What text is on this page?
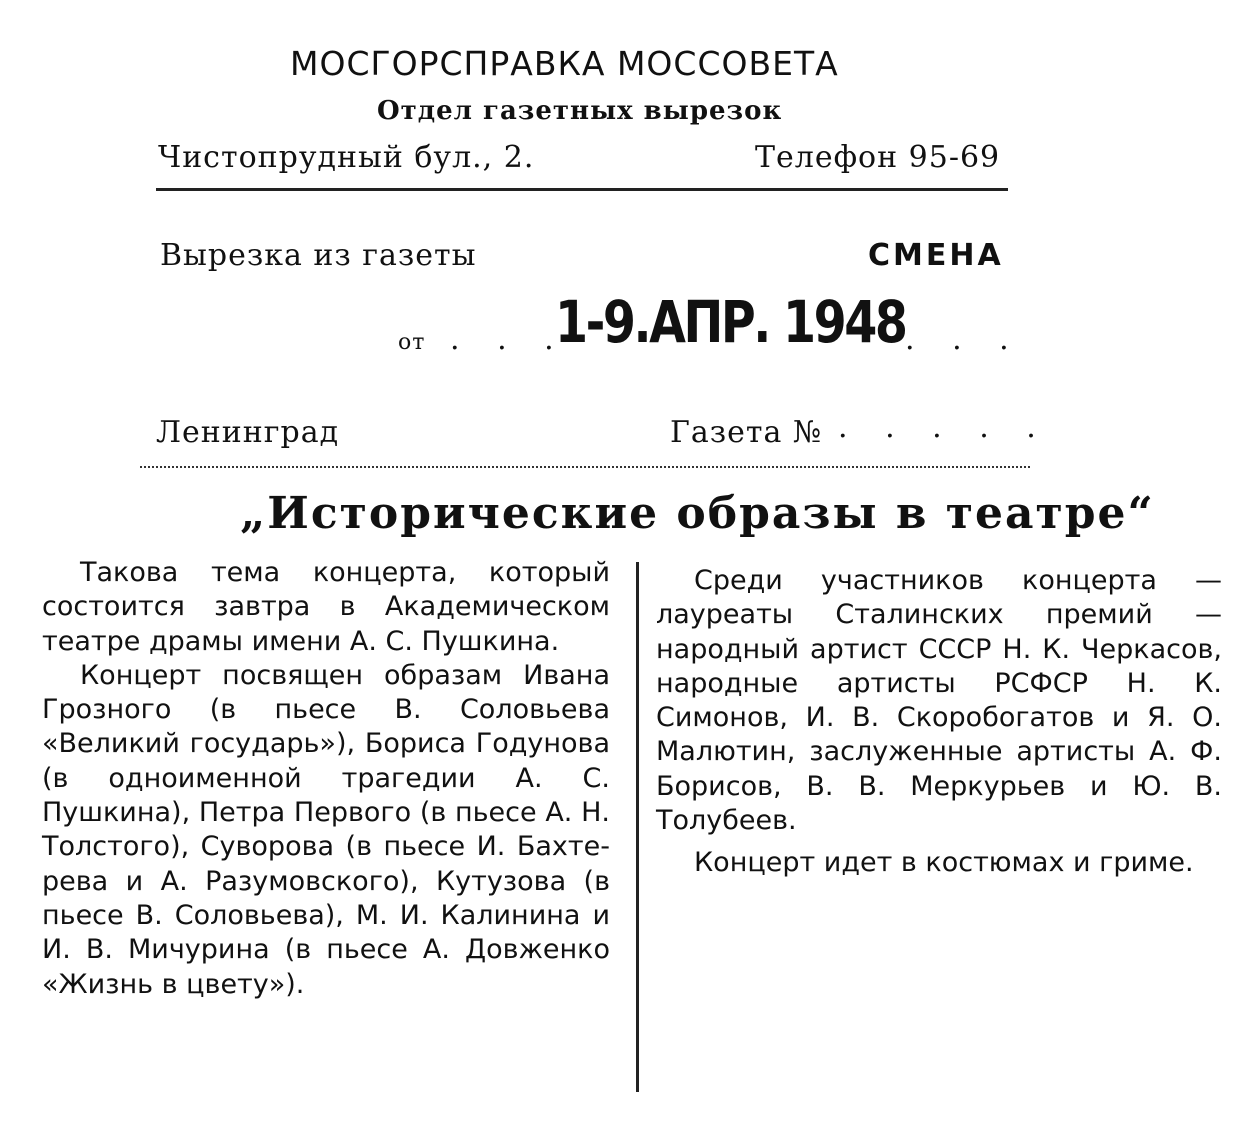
МОСГОРСПРАВКА МОССОВЕТА
Отдел газетных вырезок
Чистопрудный бул., 2.	Телефон 95-69
Вырезка из газеты	СМЕНА
от . . .
1-9.АПР. 1948 . . .
Ленинград	Газета № . . . . .
„Исторические образы в театре“

Такова тема концерта, который состоится завтра в Академическом театре драмы имени А. С. Пушкина.

Концерт посвящен образам Ивана Грозного (в пьесе В. Соловьева «Великий государь»), Бориса Годунова (в одноименной трагедии А. С. Пушкина), Петра Первого (в пьесе А. Н. Толстого), Суворова (в пьесе И. Бахтерева и А. Разумовского), Кутузова (в пьесе В. Соловьева), М. И. Калинина и И. В. Мичурина (в пьесе А. Довженко «Жизнь в цвету»).

Среди участников концерта — лауреаты Сталинских премий — народный артист СССР Н. К. Черкасов, народные артисты РСФСР Н. К. Симонов, И. В. Скоробогатов и Я. О. Малютин, заслуженные артисты А. Ф. Борисов, В. В. Меркурьев и Ю. В. Толубеев.

Концерт идет в костюмах и гриме.
